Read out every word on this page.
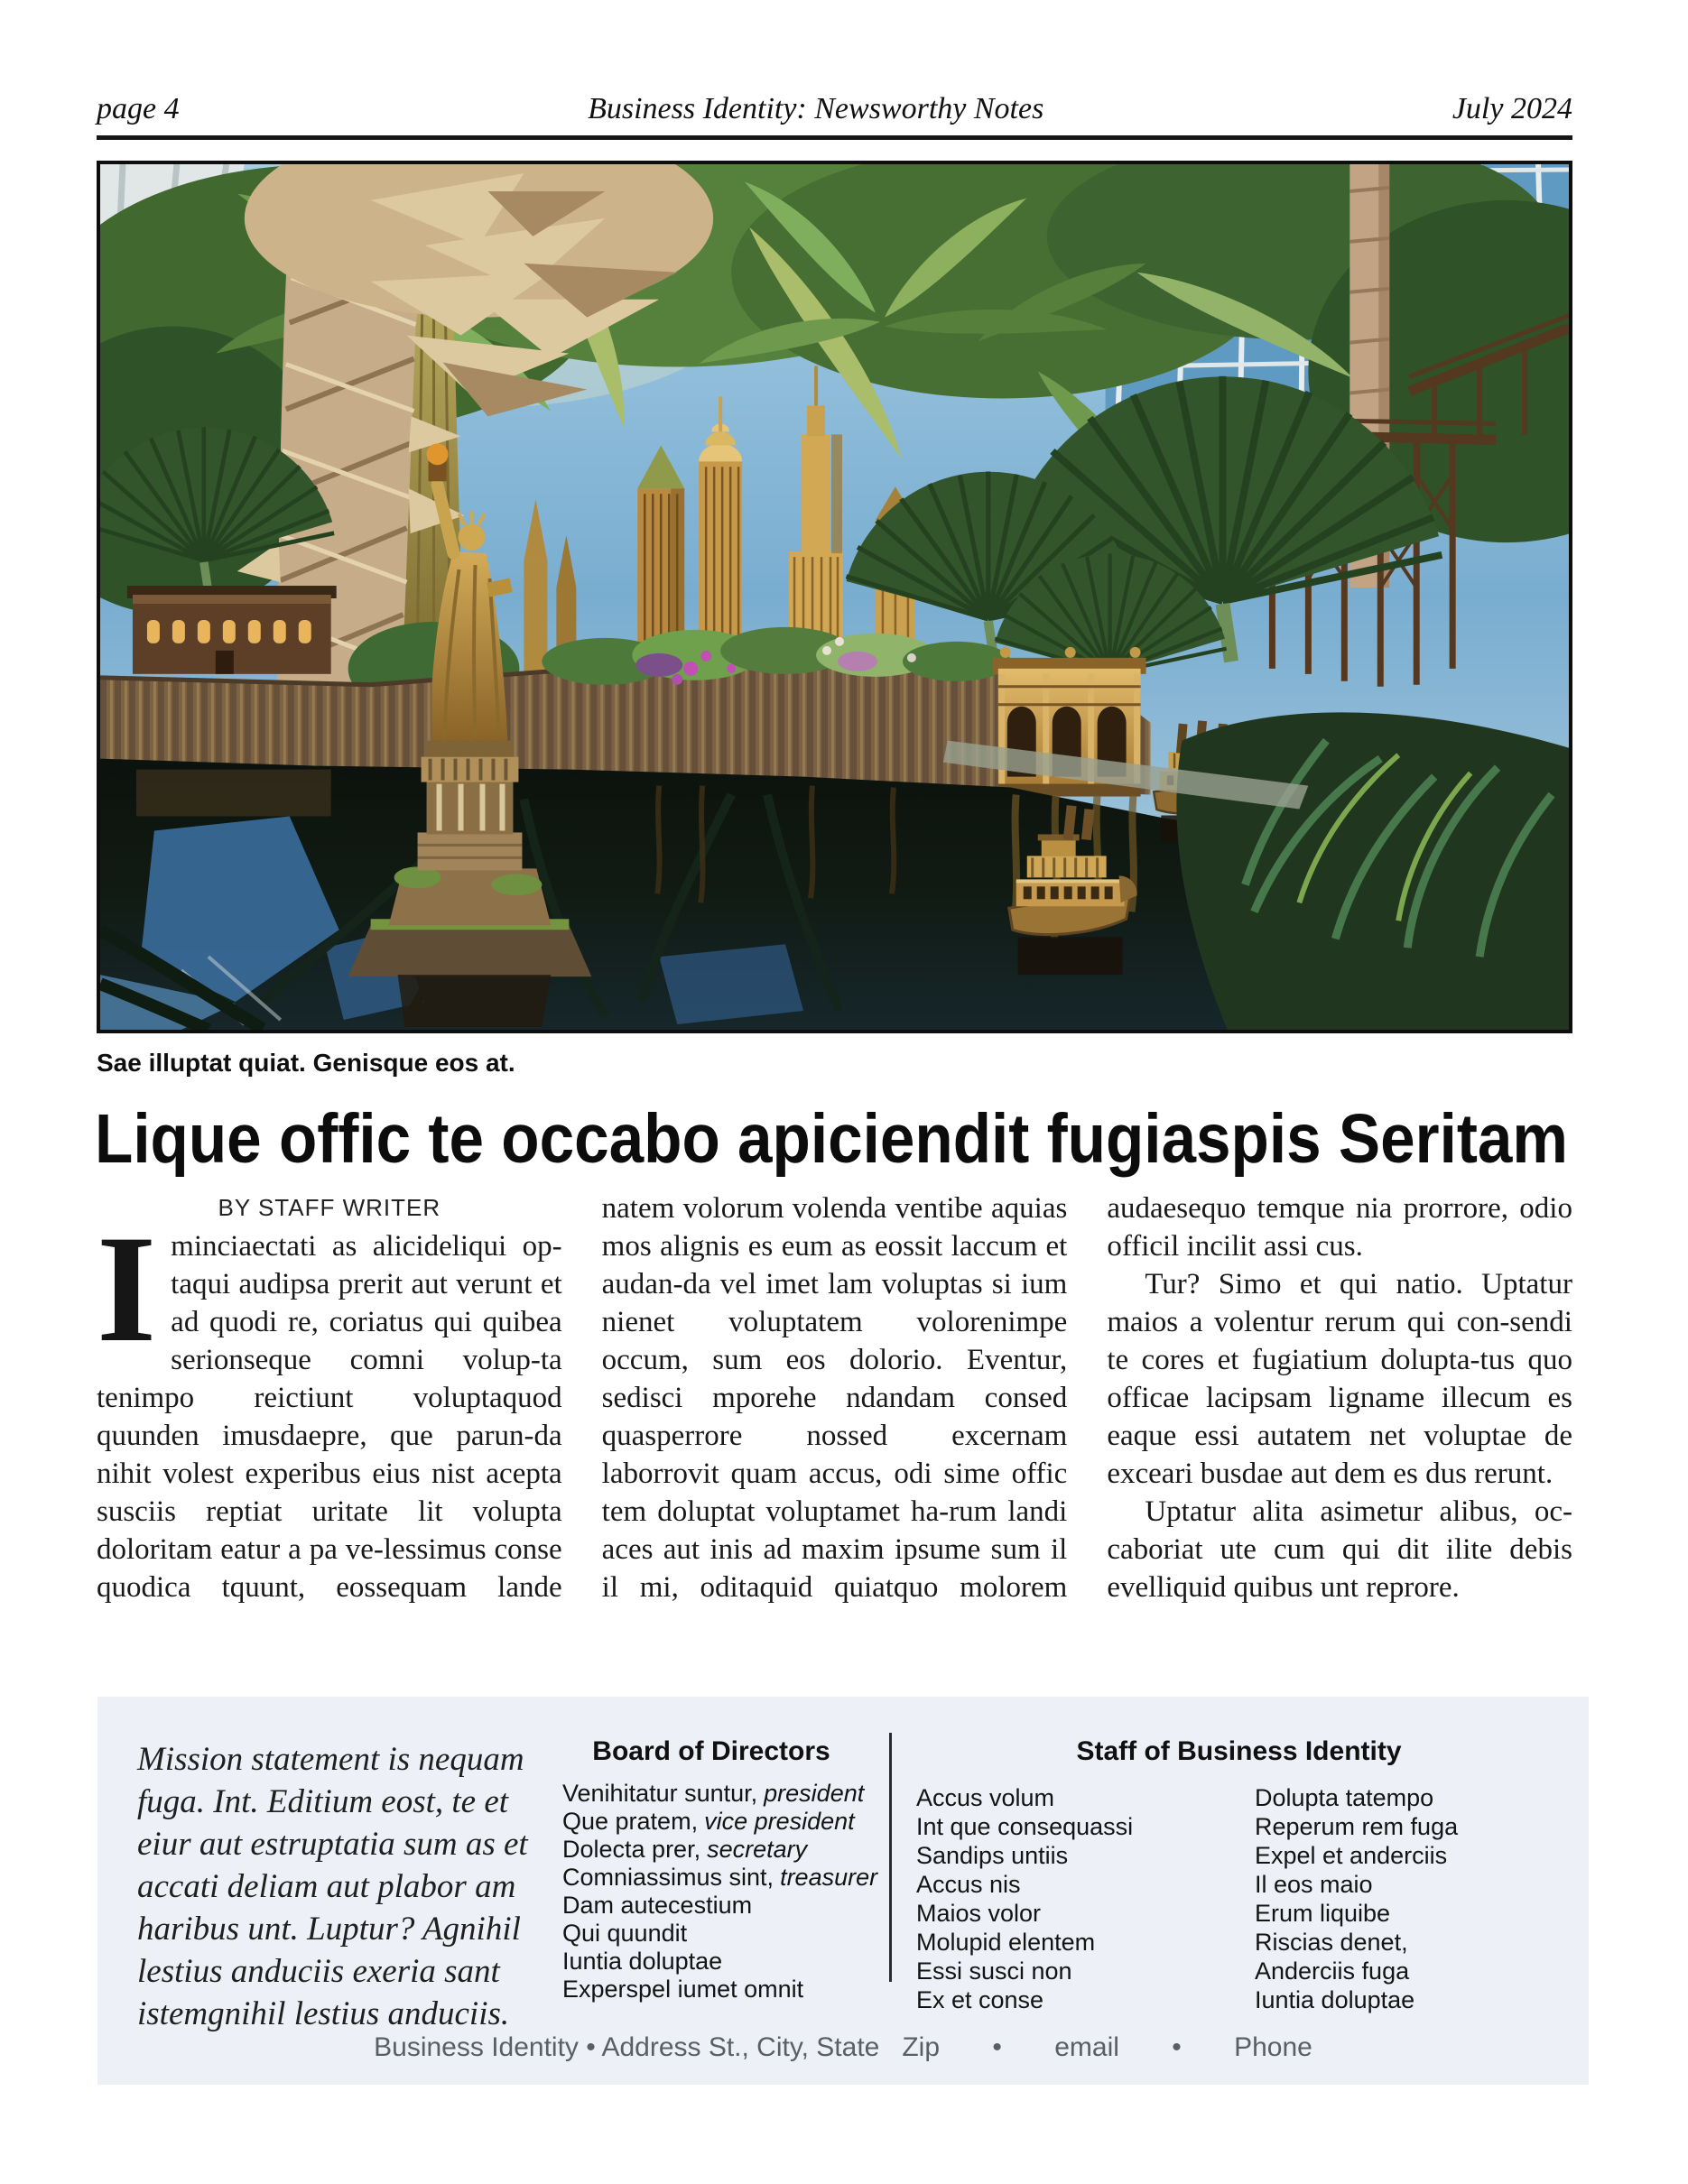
page 4	Business Identity: Newsworthy Notes	July 2024
Sae illuptat quiat. Genisque eos at.
Lique offic te occabo apiciendit fugiaspis Seritam
BY STAFF WRITER

Iminciaectati as alicideliqui op-taqui audipsa prerit aut verunt et ad quodi re, coriatus qui quibea serionseque comni volup-ta tenimpo reictiunt voluptaquod quunden imusdaepre, que parun-da nihit volest experibus eius nist acepta susciis reptiat uritate lit volupta doloritam eatur a pa ve-lessimus conse quodica tquunt, eossequam lande natem volorum volenda ventibe aquias mos alignis es eum as eossit laccum et audan-da vel imet lam voluptas si ium nienet voluptatem volorenimpe occum, sum eos dolorio. Eventur, sedisci mporehe ndandam consed quasperrore nossed excernam laborrovit quam accus, odi sime offic tem doluptat voluptamet ha-rum landi aces aut inis ad maxim ipsume sum il il mi, oditaquid quiatquo molorem audaesequo temque nia prorrore, odio officil incilit assi cus.

Tur? Simo et qui natio. Uptatur maios a volentur rerum qui con-sendi te cores et fugiatium dolupta-tus quo officae lacipsam ligname illecum es eaque essi autatem net voluptae de exceari busdae aut dem es dus rerunt.

Uptatur alita asimetur alibus, oc-caboriat ute cum qui dit ilite debis evelliquid quibus unt reprore.

Mission statement is nequam fuga. Int. Editium eost, te et eiur aut estruptatia sum as et accati deliam aut plabor am haribus unt. Luptur? Agnihil lestius anduciis exeria sant istemgnihil lestius anduciis.
Board of Directors
Venihitatur suntur, president
Que pratem, vice president
Dolecta prer, secretary
Comniassimus sint, treasurer
Dam autecestium
Qui quundit
Iuntia doluptae
Experspel iumet omnit
Staff of Business Identity
Accus volum
Int que consequassi
Sandips untiis
Accus nis
Maios volor
Molupid elentem
Essi susci non
Ex et conse
Dolupta tatempo
Reperum rem fuga
Expel et anderciis
Il eos maio
Erum liquibe
Riscias denet,
Anderciis fuga
Iuntia doluptae
Business Identity • Address St., City, State   Zip       •       email       •       Phone
